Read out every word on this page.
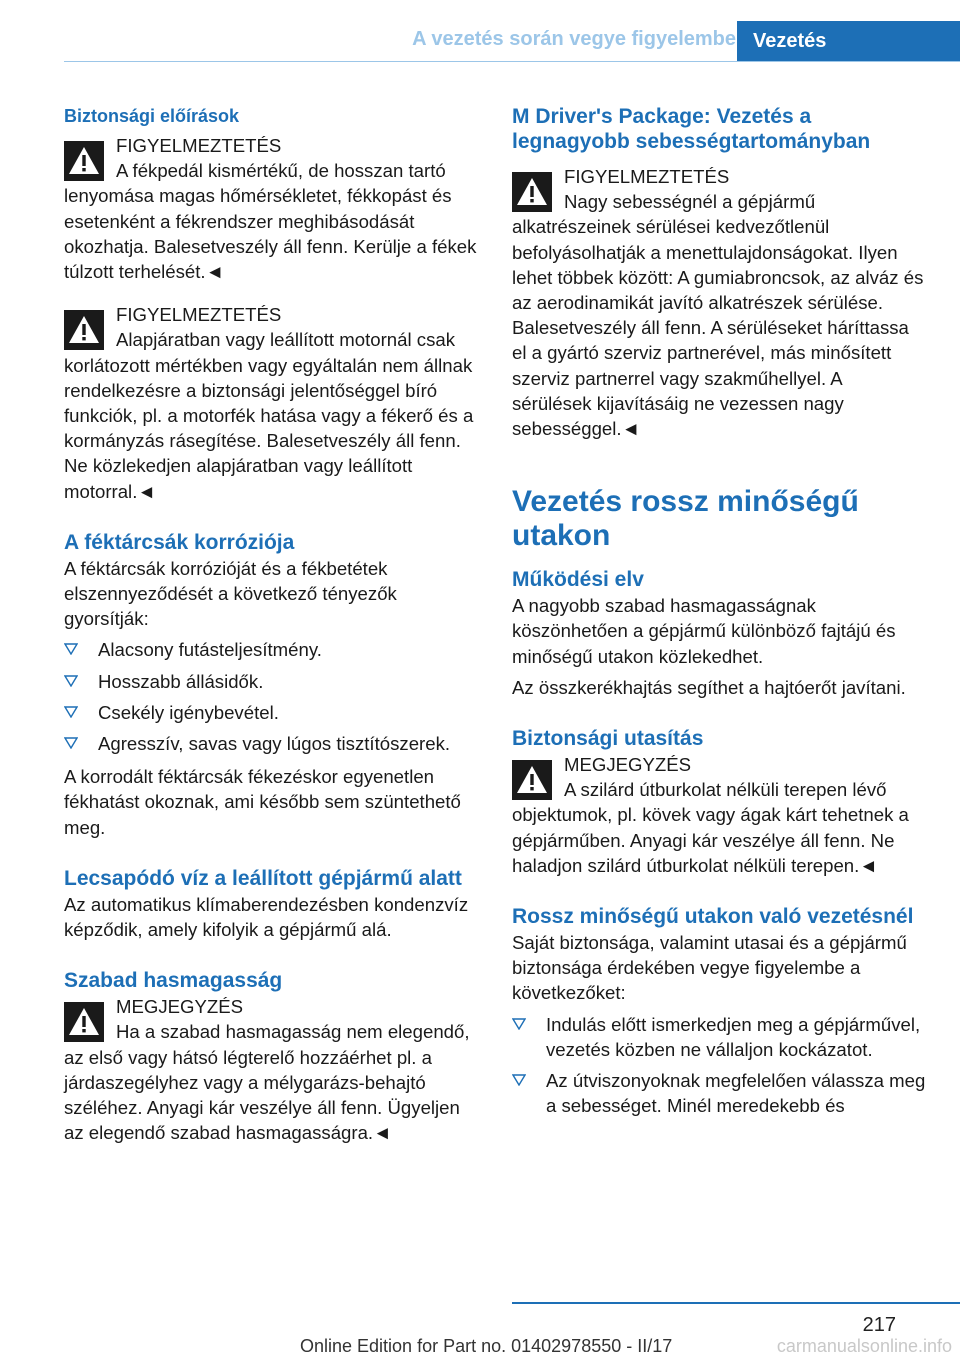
A vezetés során vegye figyelembe Vezetés
Biztonsági előírások
FIGYELMEZTETÉS
A fékpedál kismértékű, de hosszan tartó lenyomása magas hőmérsékletet, fékkopást és esetenként a fékrendszer meghibásodását okozhatja. Balesetveszély áll fenn. Kerülje a fékek túlzott terhelését.◄
FIGYELMEZTETÉS
Alapjáratban vagy leállított motornál csak korlátozott mértékben vagy egyáltalán nem állnak rendelkezésre a biztonsági jelentőséggel bíró funkciók, pl. a motorfék hatása vagy a fékerő és a kormányzás rásegítése. Balesetveszély áll fenn. Ne közlekedjen alapjáratban vagy leállított motorral.◄
A féktárcsák korróziója

A féktárcsák korrózióját és a fékbetétek elszennyeződését a következő tényezők gyorsítják:

Alacsony futásteljesítmény.
Hosszabb állásidők.
Csekély igénybevétel.
Agresszív, savas vagy lúgos tisztítószerek.

A korrodált féktárcsák fékezéskor egyenetlen fékhatást okoznak, ami később sem szüntethető meg.

Lecsapódó víz a leállított gépjármű alatt

Az automatikus klímaberendezésben kondenzvíz képződik, amely kifolyik a gépjármű alá.

Szabad hasmagasság
MEGJEGYZÉS
Ha a szabad hasmagasság nem elegendő, az első vagy hátsó légterelő hozzáérhet pl. a járdaszegélyhez vagy a mélygarázs-behajtó széléhez. Anyagi kár veszélye áll fenn. Ügyeljen az elegendő szabad hasmagasságra.◄
M Driver's Package: Vezetés a legnagyobb sebességtartományban
FIGYELMEZTETÉS
Nagy sebességnél a gépjármű alkatrészeinek sérülései kedvezőtlenül befolyásolhatják a menettulajdonságokat. Ilyen lehet többek között: A gumiabroncsok, az alváz és az aerodinamikát javító alkatrészek sérülése. Balesetveszély áll fenn. A sérüléseket háríttassa el a gyártó szerviz partnerével, más minősített szerviz partnerrel vagy szakműhellyel. A sérülések kijavításáig ne vezessen nagy sebességgel.◄
Vezetés rossz minőségű utakon
Működési elv

A nagyobb szabad hasmagasságnak köszönhetően a gépjármű különböző fajtájú és minőségű utakon közlekedhet.

Az összkerékhajtás segíthet a hajtóerőt javítani.

Biztonsági utasítás
MEGJEGYZÉS
A szilárd útburkolat nélküli terepen lévő objektumok, pl. kövek vagy ágak kárt tehetnek a gépjárműben. Anyagi kár veszélye áll fenn. Ne haladjon szilárd útburkolat nélküli terepen.◄
Rossz minőségű utakon való vezetésnél

Saját biztonsága, valamint utasai és a gépjármű biztonsága érdekében vegye figyelembe a következőket:

Indulás előtt ismerkedjen meg a gépjárművel, vezetés közben ne vállaljon kockázatot.
Az útviszonyoknak megfelelően válassza meg a sebességet. Minél meredekebb és
217
Online Edition for Part no. 01402978550 - II/17	carmanualsonline.info
